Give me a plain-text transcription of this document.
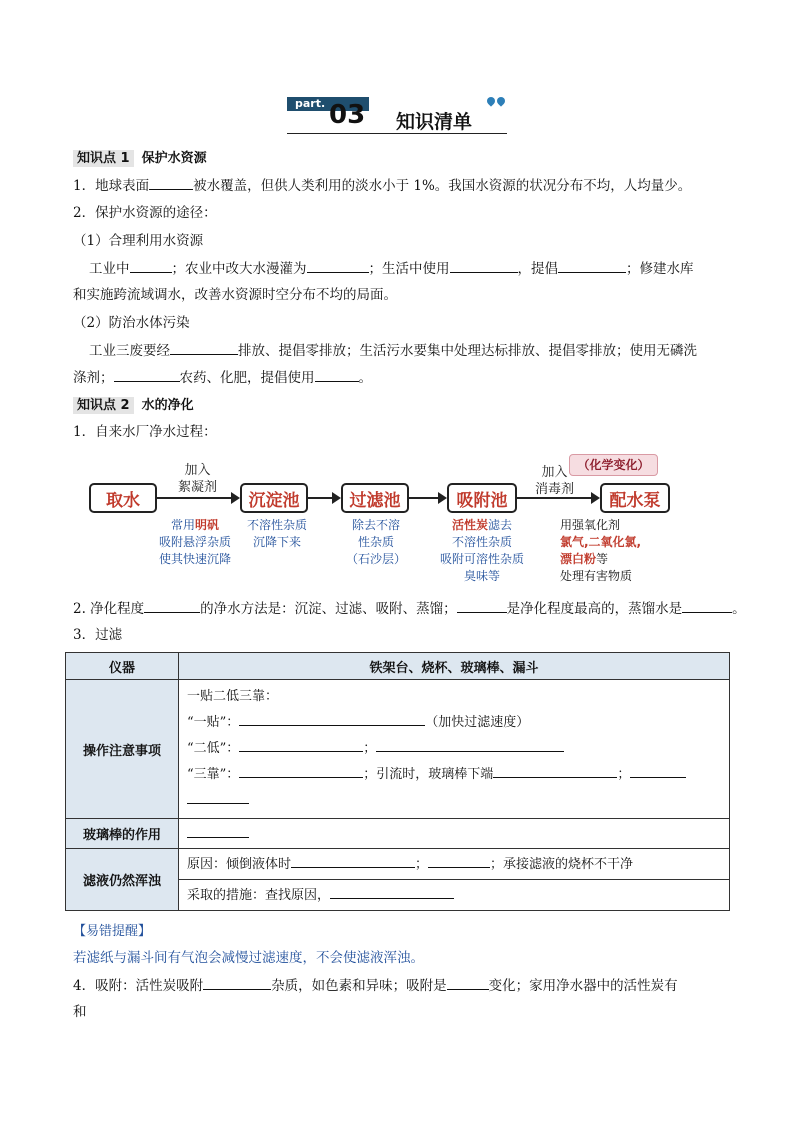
part. 03 知识清单
知识点 1 保护水资源
1．地球表面	被水覆盖，但供人类利用的淡水小于 1%。我国水资源的状况分布不均，人均量少。
2．保护水资源的途径：
（1）合理利用水资源
工业中	；农业中改大水漫灌为	；生活中使用	，提倡	；修建水库
和实施跨流域调水，改善水资源时空分布不均的局面。
（2）防治水体污染
工业三废要经	排放、提倡零排放；生活污水要集中处理达标排放、提倡零排放；使用无磷洗
涤剂；	农药、化肥，提倡使用	。
知识点 2 水的净化
1．自来水厂净水过程：
取水	沉淀池	过滤池	吸附池	配水泵
加入
絮凝剂
加入
消毒剂
（化学变化）
常用明矾
吸附悬浮杂质
使其快速沉降
不溶性杂质
沉降下来
除去不溶
性杂质
（石沙层）
活性炭滤去
不溶性杂质
吸附可溶性杂质
臭味等
用强氧化剂
氯气,二氧化氯,
漂白粉等
处理有害物质
2. 净化程度	的净水方法是：沉淀、过滤、吸附、蒸馏；	是净化程度最高的，蒸馏水是	。
3．过滤
仪器	铁架台、烧杯、玻璃棒、漏斗
操作注意事项	一贴二低三靠：
“一贴”： （加快过滤速度）
“二低”： ；
“三靠”： ；引流时，玻璃棒下端 ；

玻璃棒的作用	
滤液仍然浑浊	原因：倾倒液体时 ； ；承接滤液的烧杯不干净
采取的措施：查找原因，
【易错提醒】
若滤纸与漏斗间有气泡会减慢过滤速度，不会使滤液浑浊。
4．吸附：活性炭吸附	杂质，如色素和异味；吸附是	变化；家用净水器中的活性炭有
和
